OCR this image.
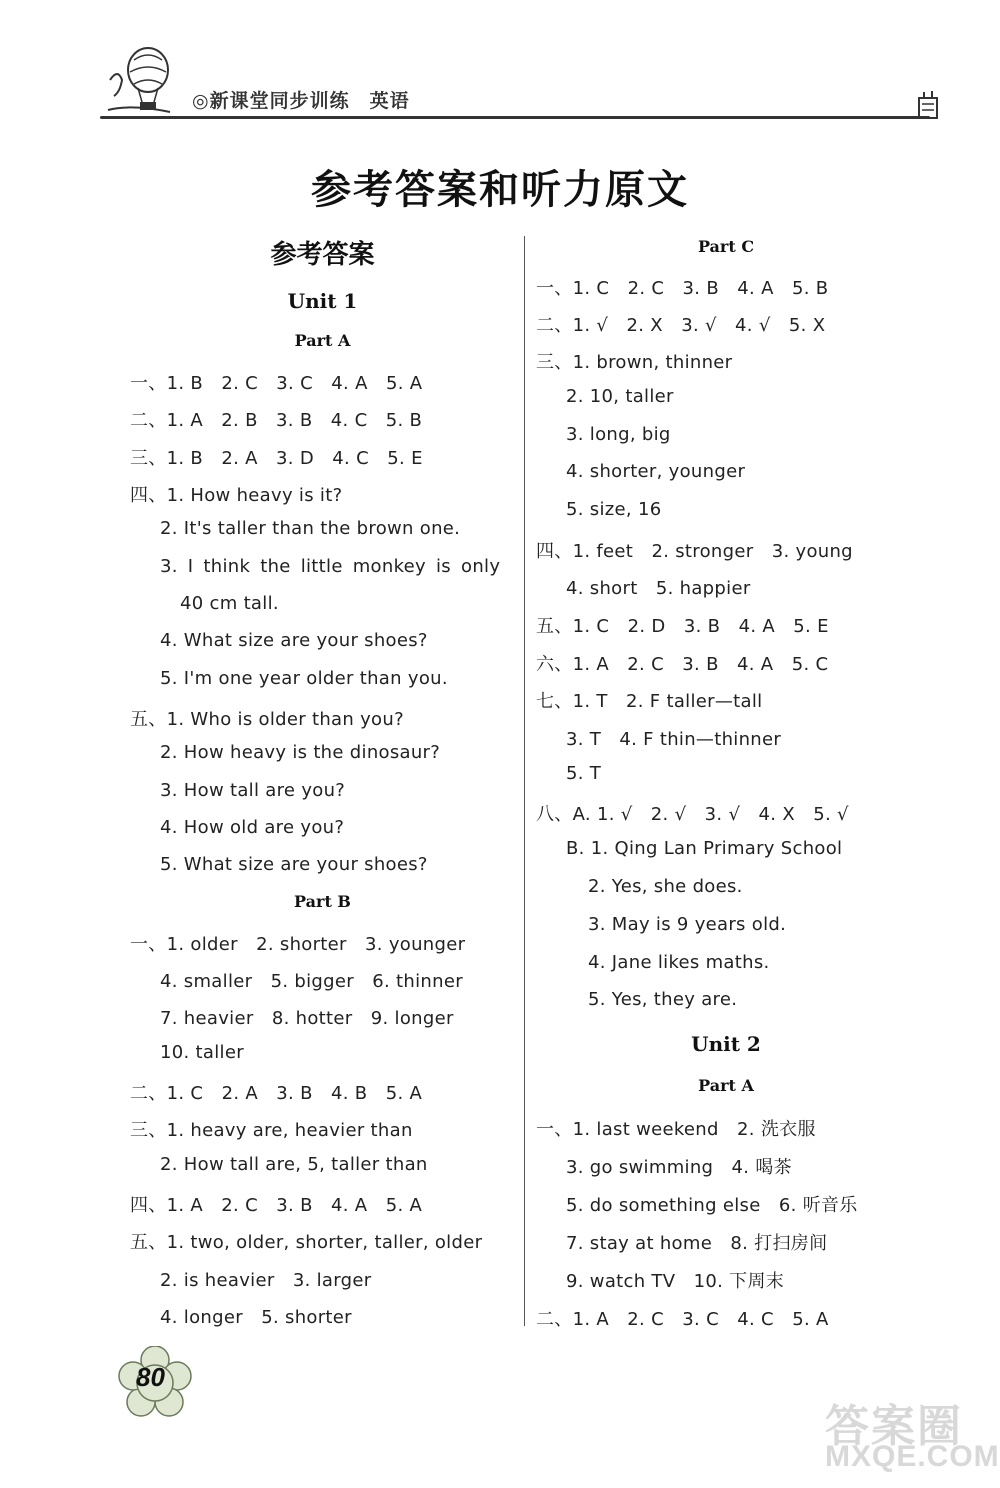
◎新课堂同步训练　英语
参考答案和听力原文
参考答案
Unit 1
Part A
一、1. B　2. C　3. C　4. A　5. A
二、1. A　2. B　3. B　4. C　5. B
三、1. B　2. A　3. D　4. C　5. E
四、1. How heavy is it?
2. It's taller than the brown one.
3. I think the little monkey is only
40 cm tall.
4. What size are your shoes?
5. I'm one year older than you.
五、1. Who is older than you?
2. How heavy is the dinosaur?
3. How tall are you?
4. How old are you?
5. What size are your shoes?
Part B
一、1. older　2. shorter　3. younger
4. smaller　5. bigger　6. thinner
7. heavier　8. hotter　9. longer
10. taller
二、1. C　2. A　3. B　4. B　5. A
三、1. heavy are, heavier than
2. How tall are, 5, taller than
四、1. A　2. C　3. B　4. A　5. A
五、1. two, older, shorter, taller, older
2. is heavier　3. larger
4. longer　5. shorter
Part C
一、1. C　2. C　3. B　4. A　5. B
二、1. √　2. X　3. √　4. √　5. X
三、1. brown, thinner
2. 10, taller
3. long, big
4. shorter, younger
5. size, 16
四、1. feet　2. stronger　3. young
4. short　5. happier
五、1. C　2. D　3. B　4. A　5. E
六、1. A　2. C　3. B　4. A　5. C
七、1. T　2. F taller—tall
3. T　4. F thin—thinner
5. T
八、A. 1. √　2. √　3. √　4. X　5. √
B. 1. Qing Lan Primary School
2. Yes, she does.
3. May is 9 years old.
4. Jane likes maths.
5. Yes, they are.
Unit 2
Part A
一、1. last weekend　2. 洗衣服
3. go swimming　4. 喝茶
5. do something else　6. 听音乐
7. stay at home　8. 打扫房间
9. watch TV　10. 下周末
二、1. A　2. C　3. C　4. C　5. A
80
答案圈
MXQE.COM
